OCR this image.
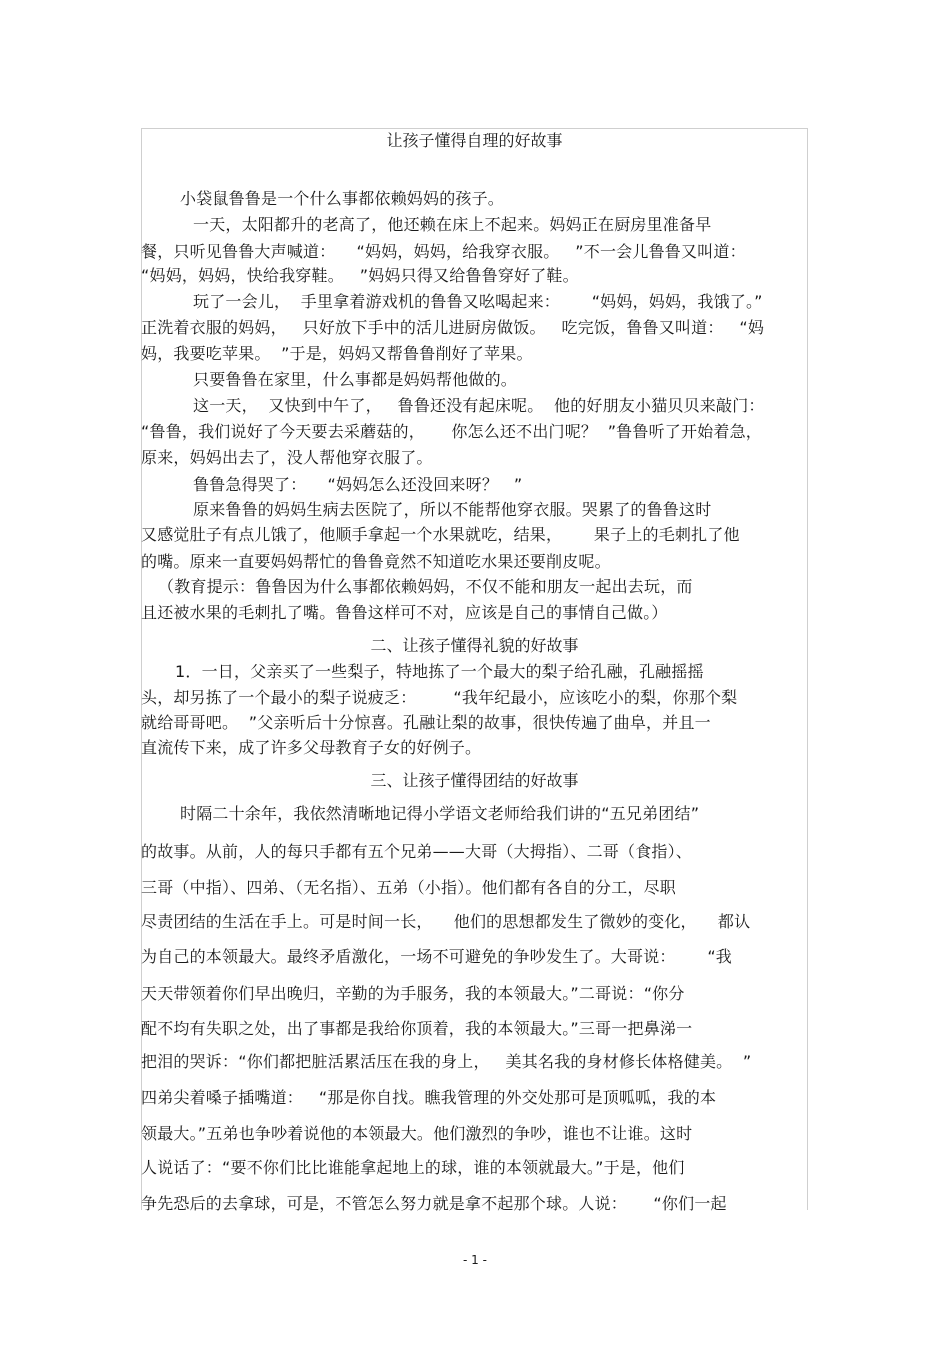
让孩子懂得自理的好故事
小袋鼠鲁鲁是一个什么事都依赖妈妈的孩子。
一天，太阳都升的老高了，他还赖在床上不起来。妈妈正在厨房里准备早
餐，只听见鲁鲁大声喊道：    “妈妈，妈妈，给我穿衣服。   ”不一会儿鲁鲁又叫道：
“妈妈，妈妈，快给我穿鞋。   ”妈妈只得又给鲁鲁穿好了鞋。
玩了一会儿，  手里拿着游戏机的鲁鲁又吆喝起来：      “妈妈，妈妈，我饿了。”
正洗着衣服的妈妈，   只好放下手中的活儿进厨房做饭。   吃完饭，鲁鲁又叫道：   “妈
妈，我要吃苹果。  ”于是，妈妈又帮鲁鲁削好了苹果。
只要鲁鲁在家里，什么事都是妈妈帮他做的。
这一天，  又快到中午了，   鲁鲁还没有起床呢。  他的好朋友小猫贝贝来敲门：
“鲁鲁，我们说好了今天要去采蘑菇的，     你怎么还不出门呢？  ”鲁鲁听了开始着急，
原来，妈妈出去了，没人帮他穿衣服了。
鲁鲁急得哭了：    “妈妈怎么还没回来呀？   ”
原来鲁鲁的妈妈生病去医院了，所以不能帮他穿衣服。哭累了的鲁鲁这时
又感觉肚子有点儿饿了，他顺手拿起一个水果就吃，结果，      果子上的毛刺扎了他
的嘴。原来一直要妈妈帮忙的鲁鲁竟然不知道吃水果还要削皮呢。
（教育提示：鲁鲁因为什么事都依赖妈妈，不仅不能和朋友一起出去玩，而
且还被水果的毛刺扎了嘴。鲁鲁这样可不对，应该是自己的事情自己做。）
二、让孩子懂得礼貌的好故事
1．一日，父亲买了一些梨子，特地拣了一个最大的梨子给孔融，孔融摇摇
头，却另拣了一个最小的梨子说疲乏：       “我年纪最小，应该吃小的梨，你那个梨
就给哥哥吧。  ”父亲听后十分惊喜。孔融让梨的故事，很快传遍了曲阜，并且一
直流传下来，成了许多父母教育子女的好例子。
三、让孩子懂得团结的好故事
时隔二十余年，我依然清晰地记得小学语文老师给我们讲的“五兄弟团结”
的故事。从前，人的每只手都有五个兄弟——大哥（大拇指）、二哥（食指）、
三哥（中指）、四弟、（无名指）、五弟（小指）。他们都有各自的分工，尽职
尽责团结的生活在手上。可是时间一长，    他们的思想都发生了微妙的变化，    都认
为自己的本领最大。最终矛盾激化，一场不可避免的争吵发生了。大哥说：      “我
天天带领着你们早出晚归，辛勤的为手服务，我的本领最大。”二哥说：“你分
配不均有失职之处，出了事都是我给你顶着，我的本领最大。”三哥一把鼻涕一
把泪的哭诉：“你们都把脏活累活压在我的身上，   美其名我的身材修长体格健美。  ”
四弟尖着嗓子插嘴道：   “那是你自找。瞧我管理的外交处那可是顶呱呱，我的本
领最大。”五弟也争吵着说他的本领最大。他们激烈的争吵，谁也不让谁。这时
人说话了：“要不你们比比谁能拿起地上的球，谁的本领就最大。”于是，他们
争先恐后的去拿球，可是，不管怎么努力就是拿不起那个球。人说：     “你们一起
- 1 -
